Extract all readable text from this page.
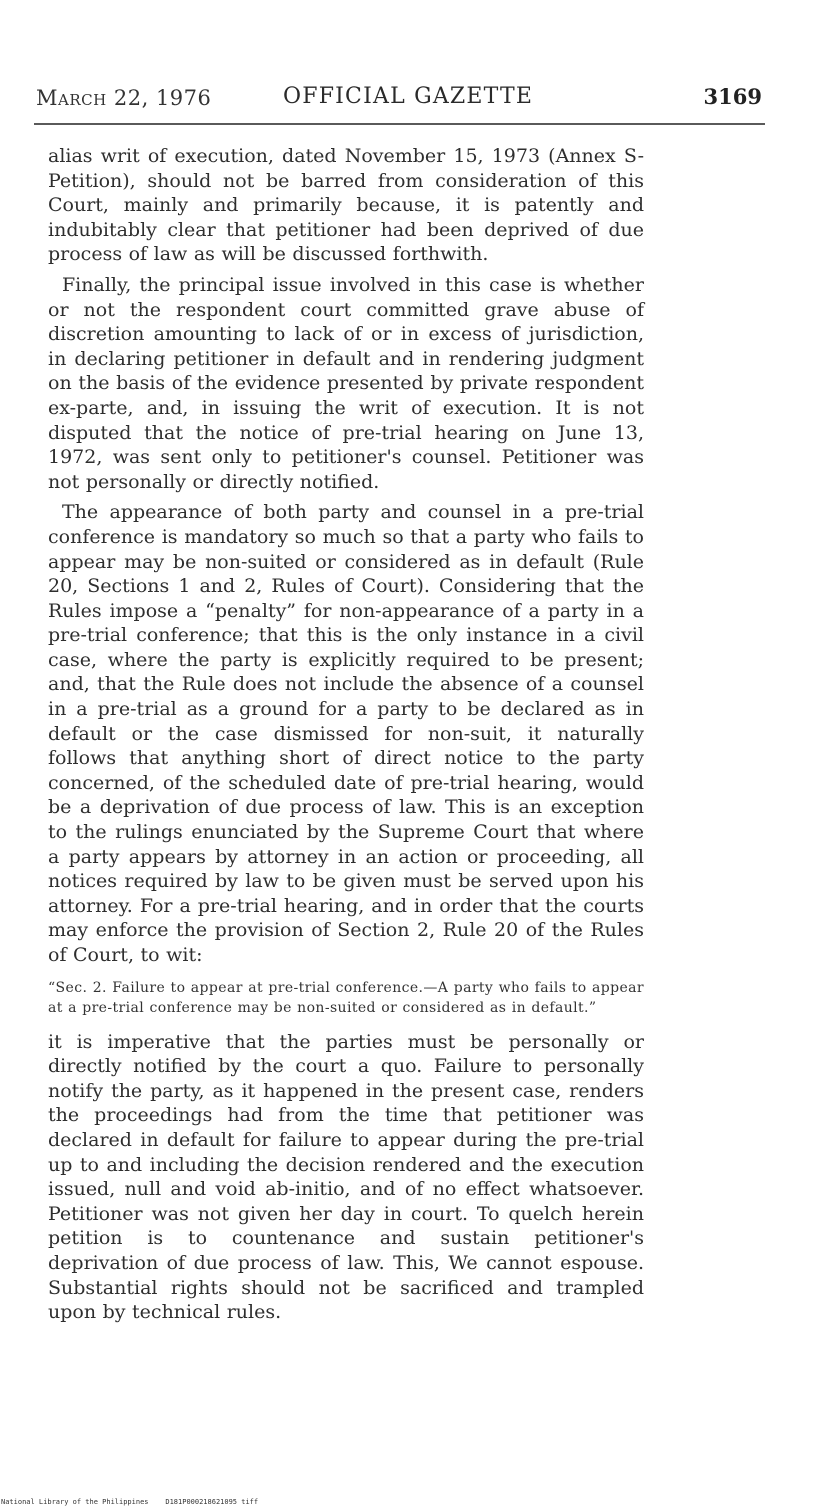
March 22, 1976	OFFICIAL GAZETTE	3169

alias writ of execution, dated November 15, 1973 (Annex S-Petition), should not be barred from consideration of this Court, mainly and primarily because, it is patently and indubitably clear that petitioner had been deprived of due process of law as will be discussed forthwith.

Finally, the principal issue involved in this case is whether or not the respondent court committed grave abuse of discretion amounting to lack of or in excess of jurisdiction, in declaring petitioner in default and in rendering judgment on the basis of the evidence presented by private respondent ex-parte, and, in issuing the writ of execution. It is not disputed that the notice of pre-trial hearing on June 13, 1972, was sent only to petitioner's counsel. Petitioner was not personally or directly notified.

The appearance of both party and counsel in a pre-trial conference is mandatory so much so that a party who fails to appear may be non-suited or considered as in default (Rule 20, Sections 1 and 2, Rules of Court). Considering that the Rules impose a “penalty” for non-appearance of a party in a pre-trial conference; that this is the only instance in a civil case, where the party is explicitly required to be present; and, that the Rule does not include the absence of a counsel in a pre-trial as a ground for a party to be declared as in default or the case dismissed for non-suit, it naturally follows that anything short of direct notice to the party concerned, of the scheduled date of pre-trial hearing, would be a deprivation of due process of law. This is an exception to the rulings enunciated by the Supreme Court that where a party appears by attorney in an action or proceeding, all notices required by law to be given must be served upon his attorney. For a pre-trial hearing, and in order that the courts may enforce the provision of Section 2, Rule 20 of the Rules of Court, to wit:

“Sec. 2. Failure to appear at pre-trial conference.—A party who fails to appear at a pre-trial conference may be non-suited or considered as in default.”

it is imperative that the parties must be personally or directly notified by the court a quo. Failure to personally notify the party, as it happened in the present case, renders the proceedings had from the time that petitioner was declared in default for failure to appear during the pre-trial up to and including the decision rendered and the execution issued, null and void ab-initio, and of no effect whatsoever. Petitioner was not given her day in court. To quelch herein petition is to countenance and sustain petitioner's deprivation of due process of law. This, We cannot espouse. Substantial rights should not be sacrificed and trampled upon by technical rules.

National Library of the Philippines D181P000218621095 tiff
